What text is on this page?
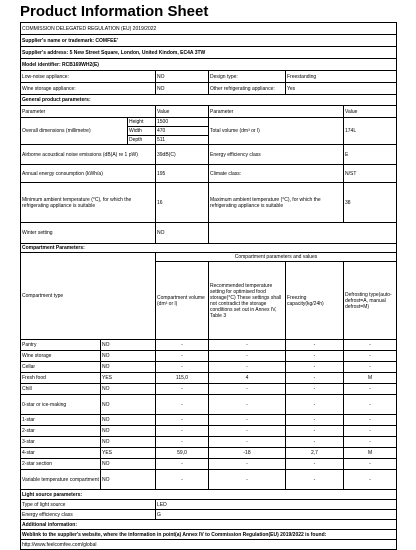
Product Information Sheet
COMMISSION DELEGATED REGULATION (EU) 2019/2022						
Supplier's name or trademark: COMFEE'						
Supplier's address: 5 New Street Square, London, United Kindom, EC4A 3TW						
Model identifier: RCB169WH2(E)						
Low-noise appliance:			NO	Design type:	Freestanding	
Wine storage appliance:			NO	Other refrigerating appliance:	Yes	
General product parameters:						
Parameter			Value	Parameter		Value
Overall dimensions (millimetre)		Height	1500	Total volume (dm³ or l)		174L
		Width	470			
		Depth	511			
Airborne acoustical noise emissions (dB(A) re 1 pW)			39dB(C)	Energy efficiency class		E
Annual energy consumption (kWh/a)			195	Climate class:		N/ST
Minimum ambient temperature (°C), for which the refrigerating appliance is suitable			16	Maximum ambient temperature (°C), for which the refrigerating appliance is suitable		38
Winter setting			NO			
Compartment Parameters:						
Compartment type			Compartment parameters and values			
			Compartment volume (dm³ or l)	Recommended temperature setting for optimised food storage(°C) These settings shall not contradict the storage conditions set out in Annex IV, Table 3	Freezing capacity(kg/24h)	Defrosting type(auto-defrost=A, manual defrost=M)
Pantry	NO		-	-	-	-
Wine storage	NO		-	-	-	-
Cellar	NO		-	-	-	-
Fresh food	YES		115,0	4	-	M
Chill	NO		-	-	-	-
0-star or ice-making	NO		-	-	-	-
1-star	NO		-	-	-	-
2-star	NO		-	-	-	-
3-star	NO		-	-	-	-
4-star	YES		59,0	-18	2,7	M
2-star section	NO		-	-	-	-
Variable temperature compartment	NO		-	-	-	-
Light source parameters:						
Type of light source			LED			
Energy efficiency class			G			
Additional information:						
Weblink to the supplier's website, where the information in point(a) Annex IV to Commission Regulation(EU) 2019/2022 is found:						
http://www.feelcomfee.com/global						
